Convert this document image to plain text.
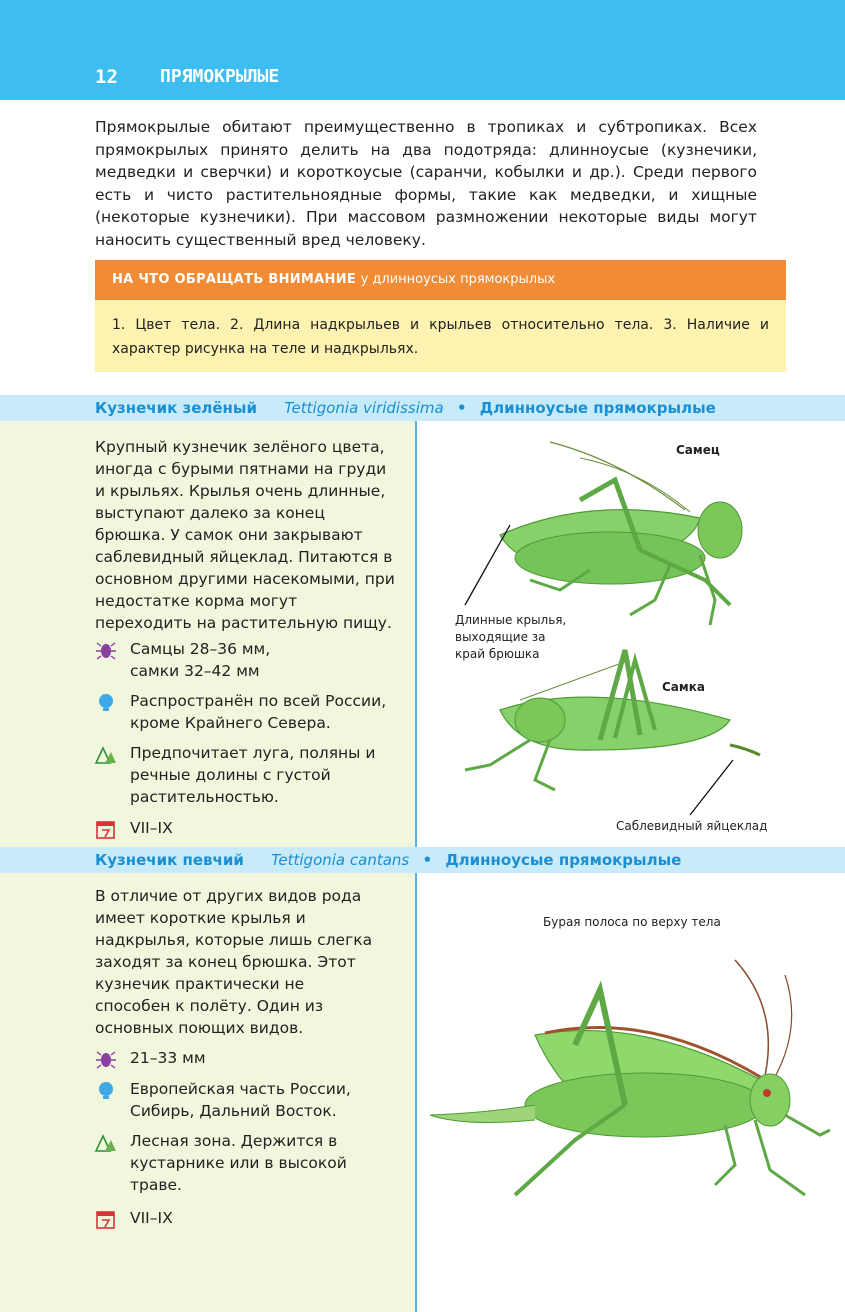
12 ПРЯМОКРЫЛЫЕ
Прямокрылые обитают преимущественно в тропиках и субтропиках. Всех прямокрылых принято делить на два подотряда: длинноусые (кузнечики, медведки и сверчки) и короткоусые (саранчи, кобылки и др.). Среди первого есть и чисто растительноядные формы, такие как медведки, и хищные (некоторые кузнечики). При массовом размножении некоторые виды могут наносить существенный вред человеку.
НА ЧТО ОБРАЩАТЬ ВНИМАНИЕ у длинноусых прямокрылых
1. Цвет тела. 2. Длина надкрыльев и крыльев относительно тела. 3. Наличие и характер рисунка на теле и надкрыльях.
Кузнечик зелёный Tettigonia viridissima • Длинноусые прямокрылые
Крупный кузнечик зелёного цвета, иногда с бурыми пятнами на груди и крыльях. Крылья очень длинные, выступают далеко за конец брюшка. У самок они закрывают саблевидный яйцеклад. Питаются в основном другими насекомыми, при недостатке корма могут переходить на растительную пищу.
Самцы 28–36 мм,
самки 32–42 мм
Распространён по всей России, кроме Крайнего Севера.
Предпочитает луга, поляны и речные долины с густой растительностью.
VII–IX
Самец
Длинные крылья,
выходящие за
край брюшка
Самка
Саблевидный яйцеклад
Кузнечик певчий Tettigonia cantans • Длинноусые прямокрылые
В отличие от других видов рода имеет короткие крылья и надкрылья, которые лишь слегка заходят за конец брюшка. Этот кузнечик практически не способен к полёту. Один из основных поющих видов.
21–33 мм
Европейская часть России, Сибирь, Дальний Восток.
Лесная зона. Держится в кустарнике или в высокой траве.
VII–IX
Бурая полоса по верху тела
